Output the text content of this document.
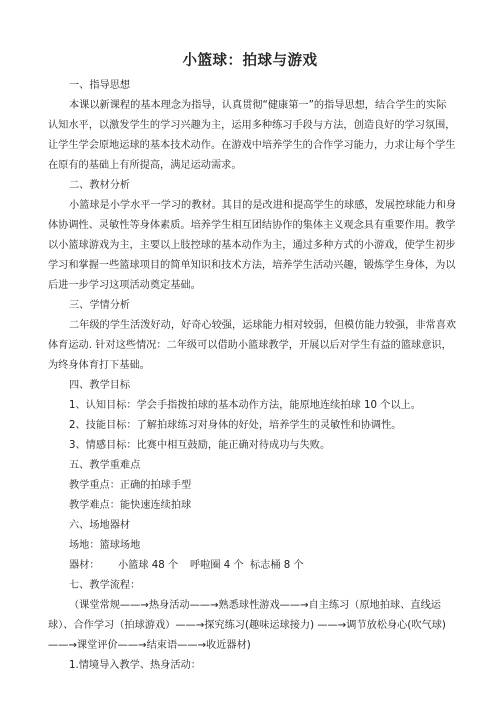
小篮球：拍球与游戏
一、指导思想
本课以新课程的基本理念为指导，认真贯彻“健康第一”的指导思想，结合学生的实际
认知水平，以激发学生的学习兴趣为主，运用多种练习手段与方法，创造良好的学习氛围，
让学生学会原地运球的基本技术动作。在游戏中培养学生的合作学习能力，力求让每个学生
在原有的基础上有所提高，满足运动需求。
二、教材分析
小篮球是小学水平一学习的教材。其目的是改进和提高学生的球感，发展控球能力和身
体协调性、灵敏性等身体素质。培养学生相互团结协作的集体主义观念具有重要作用。教学
以小篮球游戏为主，主要以上肢控球的基本动作为主，通过多种方式的小游戏，使学生初步
学习和掌握一些篮球项目的简单知识和技术方法，培养学生活动兴趣，锻炼学生身体，为以
后进一步学习这项活动奠定基础。
三、学情分析
二年级的学生活泼好动，好奇心较强，运球能力相对较弱，但模仿能力较强，非常喜欢
体育运动. 针对这些情况：二年级可以借助小篮球教学，开展以后对学生有益的篮球意识，
为终身体育打下基础。
四、教学目标
1、认知目标：学会手指拨拍球的基本动作方法，能原地连续拍球 10 个以上。
2、技能目标：了解拍球练习对身体的好处，培养学生的灵敏性和协调性。
3、情感目标：比赛中相互鼓励，能正确对待成功与失败。
五、教学重难点
教学重点：正确的拍球手型
教学难点：能快速连续拍球
六、场地器材
场地：篮球场地
器材： 小篮球 48 个 呼啦圈 4 个 标志桶 8 个
七、教学流程：
（课堂常规——→热身活动——→熟悉球性游戏——→自主练习（原地拍球、直线运
球）、合作学习（拍球游戏）——→探究练习(趣味运球接力) ——→调节放松身心(吹气球)
——→课堂评价——→结束语——→收近器材)
1.情境导入教学、热身活动：
